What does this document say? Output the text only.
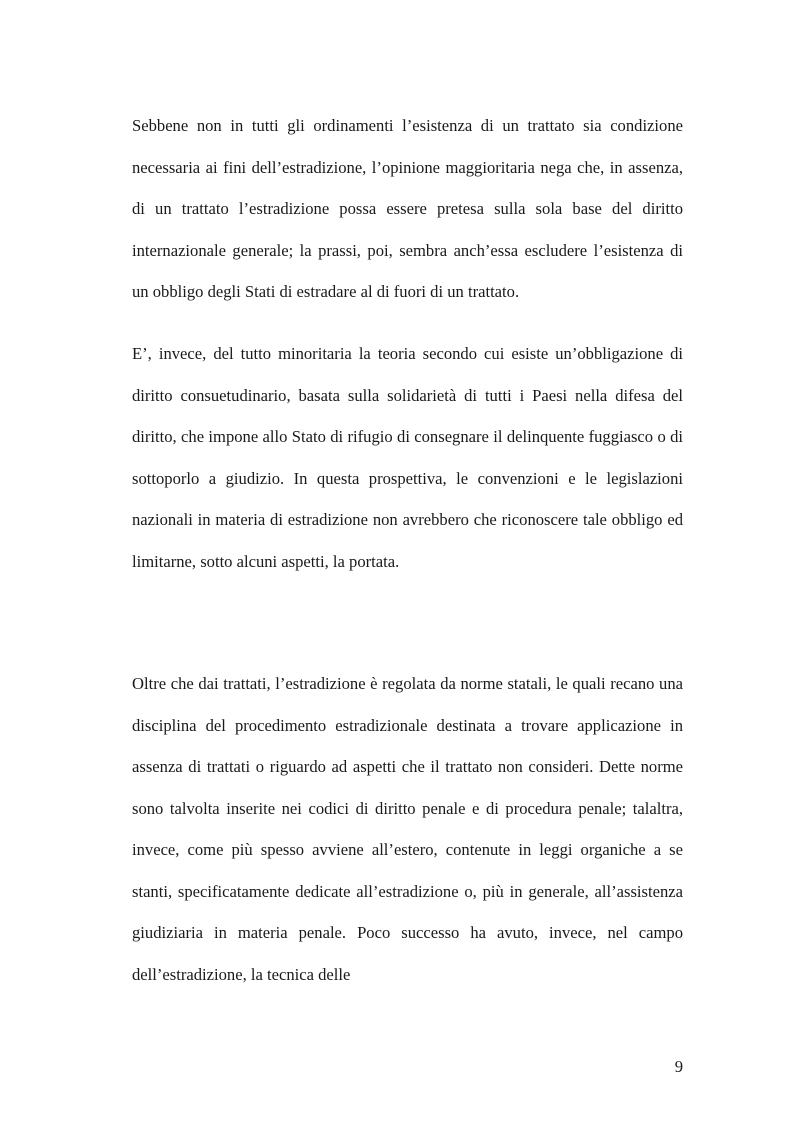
Sebbene non in tutti gli ordinamenti l’esistenza di un trattato sia condizione necessaria ai fini dell’estradizione, l’opinione maggioritaria nega che, in assenza, di un trattato l’estradizione possa essere pretesa sulla sola base del diritto internazionale generale; la prassi, poi, sembra anch’essa escludere l’esistenza di un obbligo degli Stati di estradare al di fuori di un trattato.

E’, invece, del tutto minoritaria la teoria secondo cui esiste un’obbligazione di diritto consuetudinario, basata sulla solidarietà di tutti i Paesi nella difesa del diritto, che impone allo Stato di rifugio di consegnare il delinquente fuggiasco o di sottoporlo a giudizio. In questa prospettiva, le convenzioni e le legislazioni nazionali in materia di estradizione non avrebbero che riconoscere tale obbligo ed limitarne, sotto alcuni aspetti, la portata.

Oltre che dai trattati, l’estradizione è regolata da norme statali, le quali recano una disciplina del procedimento estradizionale destinata a trovare applicazione in assenza di trattati o riguardo ad aspetti che il trattato non consideri. Dette norme sono talvolta inserite nei codici di diritto penale e di procedura penale; talaltra, invece, come più spesso avviene all’estero, contenute in leggi organiche a se stanti, specificatamente dedicate all’estradizione o, più in generale, all’assistenza giudiziaria in materia penale. Poco successo ha avuto, invece, nel campo dell’estradizione, la tecnica delle

9
